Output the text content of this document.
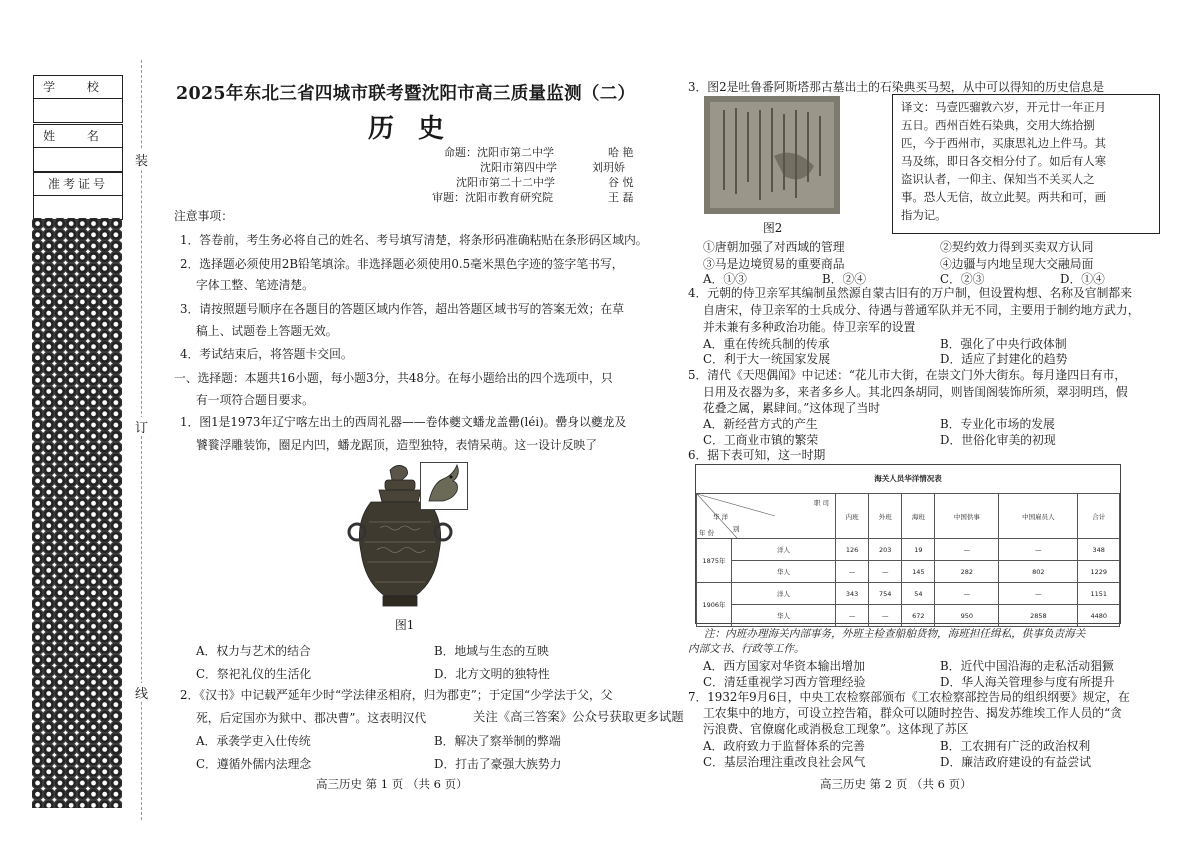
学 校
姓 名
准考证号
装
订
线
2025年东北三省四城市联考暨沈阳市高三质量监测（二）
历史
命题：沈阳市第二中学	哈 艳
沈阳市第四中学	刘玥娇
沈阳市第二十二中学	谷 悦
审题：沈阳市教育研究院	王 磊
注意事项：
1．答卷前，考生务必将自己的姓名、考号填写清楚，将条形码准确粘贴在条形码区域内。
2．选择题必须使用2B铅笔填涂。非选择题必须使用0.5毫米黑色字迹的签字笔书写，
字体工整、笔迹清楚。
3．请按照题号顺序在各题目的答题区域内作答，超出答题区域书写的答案无效；在草
稿上、试题卷上答题无效。
4．考试结束后，将答题卡交回。
一、选择题：本题共16小题，每小题3分，共48分。在每小题给出的四个选项中，只
有一项符合题目要求。
1．图1是1973年辽宁喀左出土的西周礼器——卷体夔文蟠龙盖罍(léi)。罍身以夔龙及
饕餮浮雕装饰，圈足内凹，蟠龙踞顶，造型独特，表情呆萌。这一设计反映了
图1
A．权力与艺术的结合	B．地域与生态的互映
C．祭祀礼仪的生活化	D．北方文明的独特性
2．《汉书》中记载严延年少时“学法律丞相府，归为郡吏”；于定国“少学法于父，父
死，后定国亦为狱中、郡决曹”。这表明汉代	关注《高三答案》公众号获取更多试题
A．承袭学吏入仕传统	B．解决了察举制的弊端
C．遵循外儒内法理念	D．打击了豪强大族势力
高三历史 第 1 页 （共 6 页）
3．图2是吐鲁番阿斯塔那古墓出土的石染典买马契，从中可以得知的历史信息是
图2
译文：马壹匹骝敦六岁，开元廿一年正月
五日。西州百姓石染典，交用大练拾捌
匹，今于西州市，买康思礼边上件马。其
马及练，即日各交相分付了。如后有人寒
盗识认者，一仰主、保知当不关买人之
事。恐人无信，故立此契。两共和可，画
指为记。
①唐朝加强了对西域的管理	②契约效力得到买卖双方认同
③马是边境贸易的重要商品	④边疆与内地呈现大交融局面
A．①③	B．②④	C．②③	D．①④
4．元朝的侍卫亲军其编制虽然源自蒙古旧有的万户制，但设置构想、名称及官制都来
自唐宋，侍卫亲军的士兵成分、待遇与普通军队并无不同，主要用于制约地方武力，
并未兼有多种政治功能。侍卫亲军的设置
A．重在传统兵制的传承	B．强化了中央行政体制
C．利于大一统国家发展	D．适应了封建化的趋势
5．清代《天咫偶闻》中记述：“花儿市大街，在崇文门外大街东。每月逢四日有市，
日用及衣器为多，来者多乡人。其北四条胡同，则皆闺阁装饰所须，翠羽明珰，假
花叠之属，累肆间。”这体现了当时
A．新经营方式的产生	B．专业化市场的发展
C．工商业市镇的繁荣	D．世俗化审美的初现
6．据下表可知，这一时期
海关人员华洋情况表
职 司
华 洋
别
年 份		内班	外班	海班	中国供事	中国雇员人	合计
1875年	洋人	126	203	19	—	—	348
	华人	—	—	145	282	802	1229
1906年	洋人	343	754	54	—	—	1151
	华人	—	—	672	950	2858	4480
注：内班办理海关内部事务，外班主检查船舶货物，海班担任缉私，供事负责海关
内部文书、行政等工作。
A．西方国家对华资本输出增加	B．近代中国沿海的走私活动猖獗
C．清廷重视学习西方管理经验	D．华人海关管理参与度有所提升
7．1932年9月6日，中央工农检察部颁布《工农检察部控告局的组织纲要》规定，在
工农集中的地方，可设立控告箱，群众可以随时控告、揭发苏维埃工作人员的“贪
污浪费、官僚腐化或消极怠工现象”。这体现了苏区
A．政府致力于监督体系的完善	B．工农拥有广泛的政治权利
C．基层治理注重改良社会风气	D．廉洁政府建设的有益尝试
高三历史 第 2 页 （共 6 页）
